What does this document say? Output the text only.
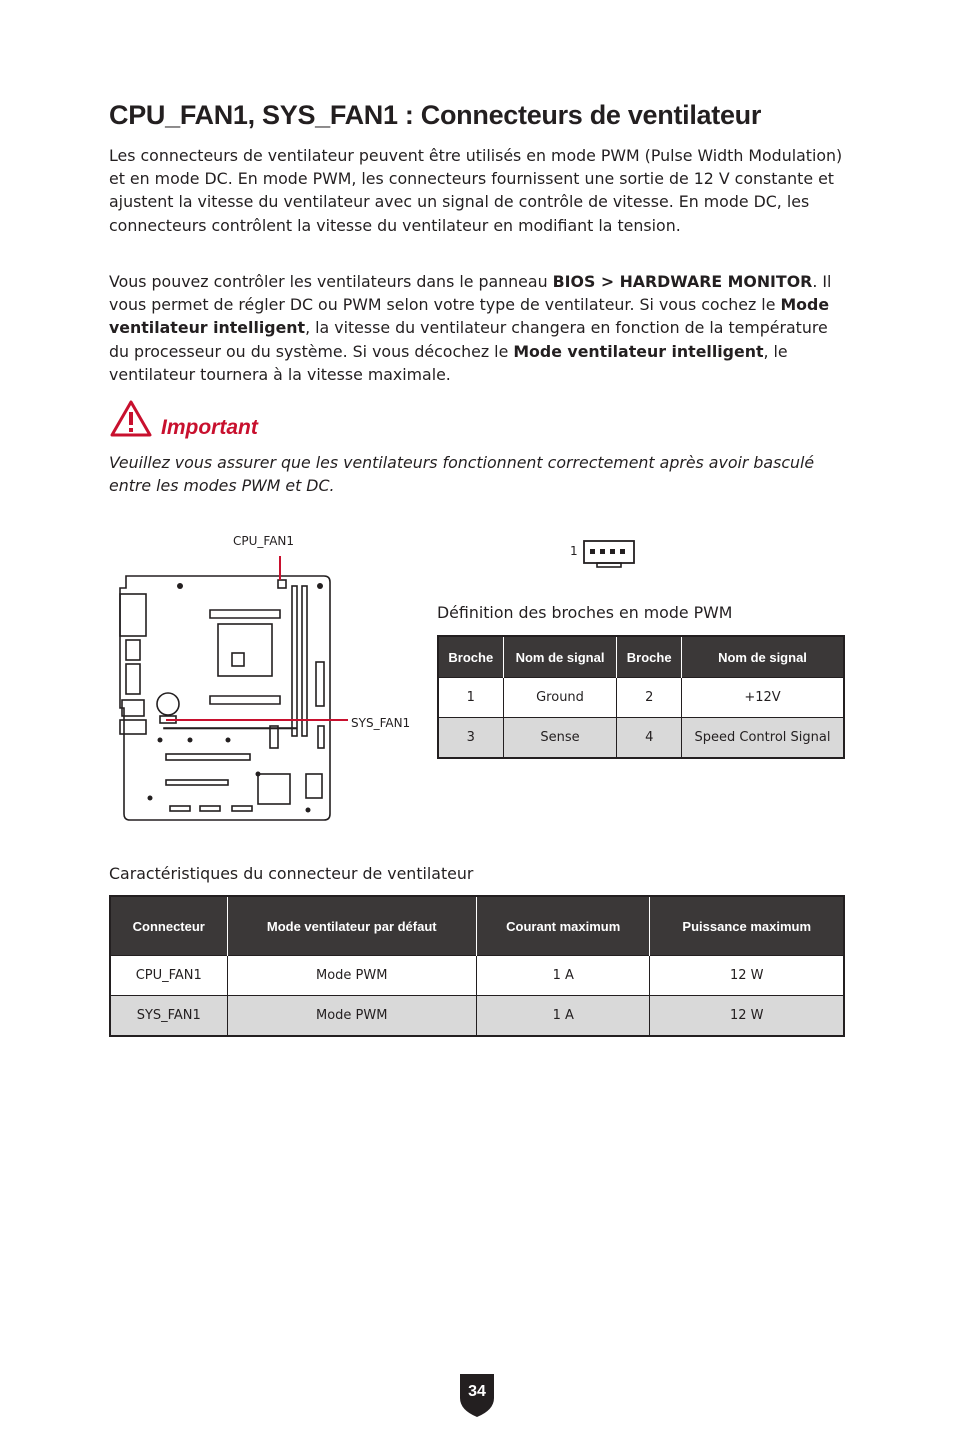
CPU_FAN1, SYS_FAN1 : Connecteurs de ventilateur

Les connecteurs de ventilateur peuvent être utilisés en mode PWM (Pulse Width Modulation) et en mode DC. En mode PWM, les connecteurs fournissent une sortie de 12 V constante et ajustent la vitesse du ventilateur avec un signal de contrôle de vitesse. En mode DC, les connecteurs contrôlent la vitesse du ventilateur en modifiant la tension.

Vous pouvez contrôler les ventilateurs dans le panneau BIOS > HARDWARE MONITOR. Il vous permet de régler DC ou PWM selon votre type de ventilateur. Si vous cochez le Mode ventilateur intelligent, la vitesse du ventilateur changera en fonction de la température du processeur ou du système. Si vous décochez le Mode ventilateur intelligent, le ventilateur tournera à la vitesse maximale.

Important

Veuillez vous assurer que les ventilateurs fonctionnent correctement après avoir basculé entre les modes PWM et DC.

CPU_FAN1
SYS_FAN1
1
Définition des broches en mode PWM
Broche	Nom de signal	Broche	Nom de signal
1	Ground	2	+12V
3	Sense	4	Speed Control Signal
Caractéristiques du connecteur de ventilateur
Connecteur	Mode ventilateur par défaut	Courant maximum	Puissance maximum
CPU_FAN1	Mode PWM	1 A	12 W
SYS_FAN1	Mode PWM	1 A	12 W
34
